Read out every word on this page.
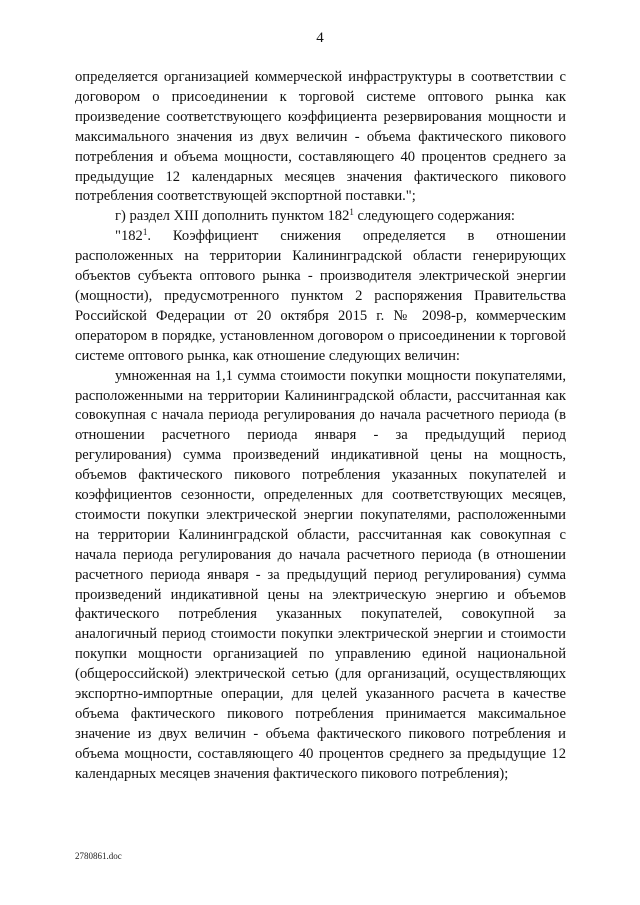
4

определяется организацией коммерческой инфраструктуры в соответствии с договором о присоединении к торговой системе оптового рынка как произведение соответствующего коэффициента резервирования мощности и максимального значения из двух величин - объема фактического пикового потребления и объема мощности, составляющего 40 процентов среднего за предыдущие 12 календарных месяцев значения фактического пикового потребления соответствующей экспортной поставки.";

г) раздел XIII дополнить пунктом $182^1$ следующего содержания:

"$182^1$. Коэффициент снижения определяется в отношении расположенных на территории Калининградской области генерирующих объектов субъекта оптового рынка - производителя электрической энергии (мощности), предусмотренного пунктом 2 распоряжения Правительства Российской Федерации от 20 октября 2015 г. № 2098-р, коммерческим оператором в порядке, установленном договором о присоединении к торговой системе оптового рынка, как отношение следующих величин:

умноженная на 1,1 сумма стоимости покупки мощности покупателями, расположенными на территории Калининградской области, рассчитанная как совокупная с начала периода регулирования до начала расчетного периода (в отношении расчетного периода января - за предыдущий период регулирования) сумма произведений индикативной цены на мощность, объемов фактического пикового потребления указанных покупателей и коэффициентов сезонности, определенных для соответствующих месяцев, стоимости покупки электрической энергии покупателями, расположенными на территории Калининградской области, рассчитанная как совокупная с начала периода регулирования до начала расчетного периода (в отношении расчетного периода января - за предыдущий период регулирования) сумма произведений индикативной цены на электрическую энергию и объемов фактического потребления указанных покупателей, совокупной за аналогичный период стоимости покупки электрической энергии и стоимости покупки мощности организацией по управлению единой национальной (общероссийской) электрической сетью (для организаций, осуществляющих экспортно-импортные операции, для целей указанного расчета в качестве объема фактического пикового потребления принимается максимальное значение из двух величин - объема фактического пикового потребления и объема мощности, составляющего 40 процентов среднего за предыдущие 12 календарных месяцев значения фактического пикового потребления);

2780861.doc
